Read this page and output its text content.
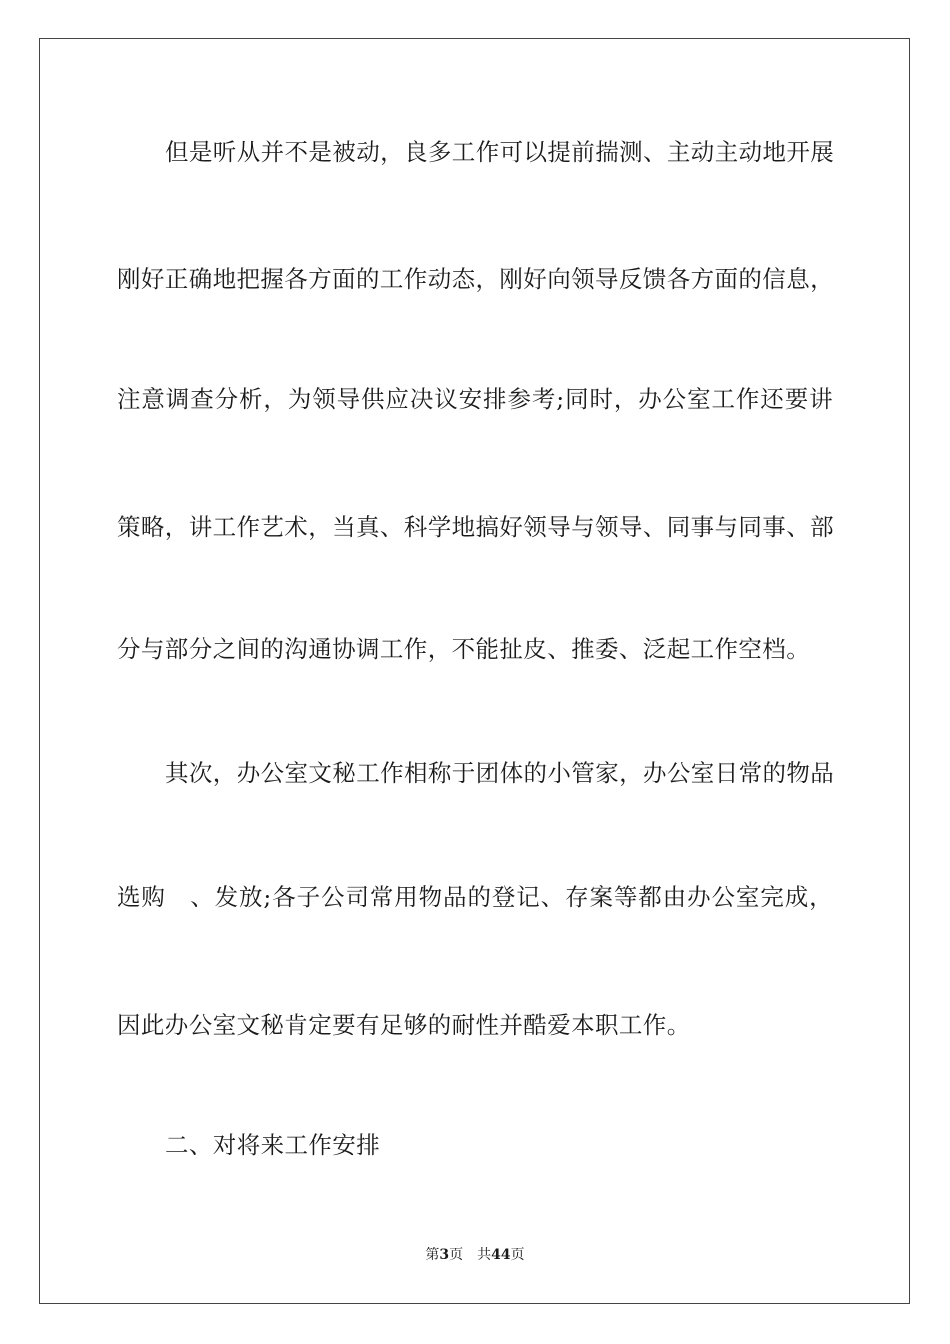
但是听从并不是被动，良多工作可以提前揣测、主动主动地开展
刚好正确地把握各方面的工作动态，刚好向领导反馈各方面的信息，
注意调查分析，为领导供应决议安排参考;同时，办公室工作还要讲
策略，讲工作艺术，当真、科学地搞好领导与领导、同事与同事、部
分与部分之间的沟通协调工作，不能扯皮、推委、泛起工作空档。
其次，办公室文秘工作相称于团体的小管家，办公室日常的物品
选购　、发放;各子公司常用物品的登记、存案等都由办公室完成，
因此办公室文秘肯定要有足够的耐性并酷爱本职工作。
二、对将来工作安排
第3页 共44页
